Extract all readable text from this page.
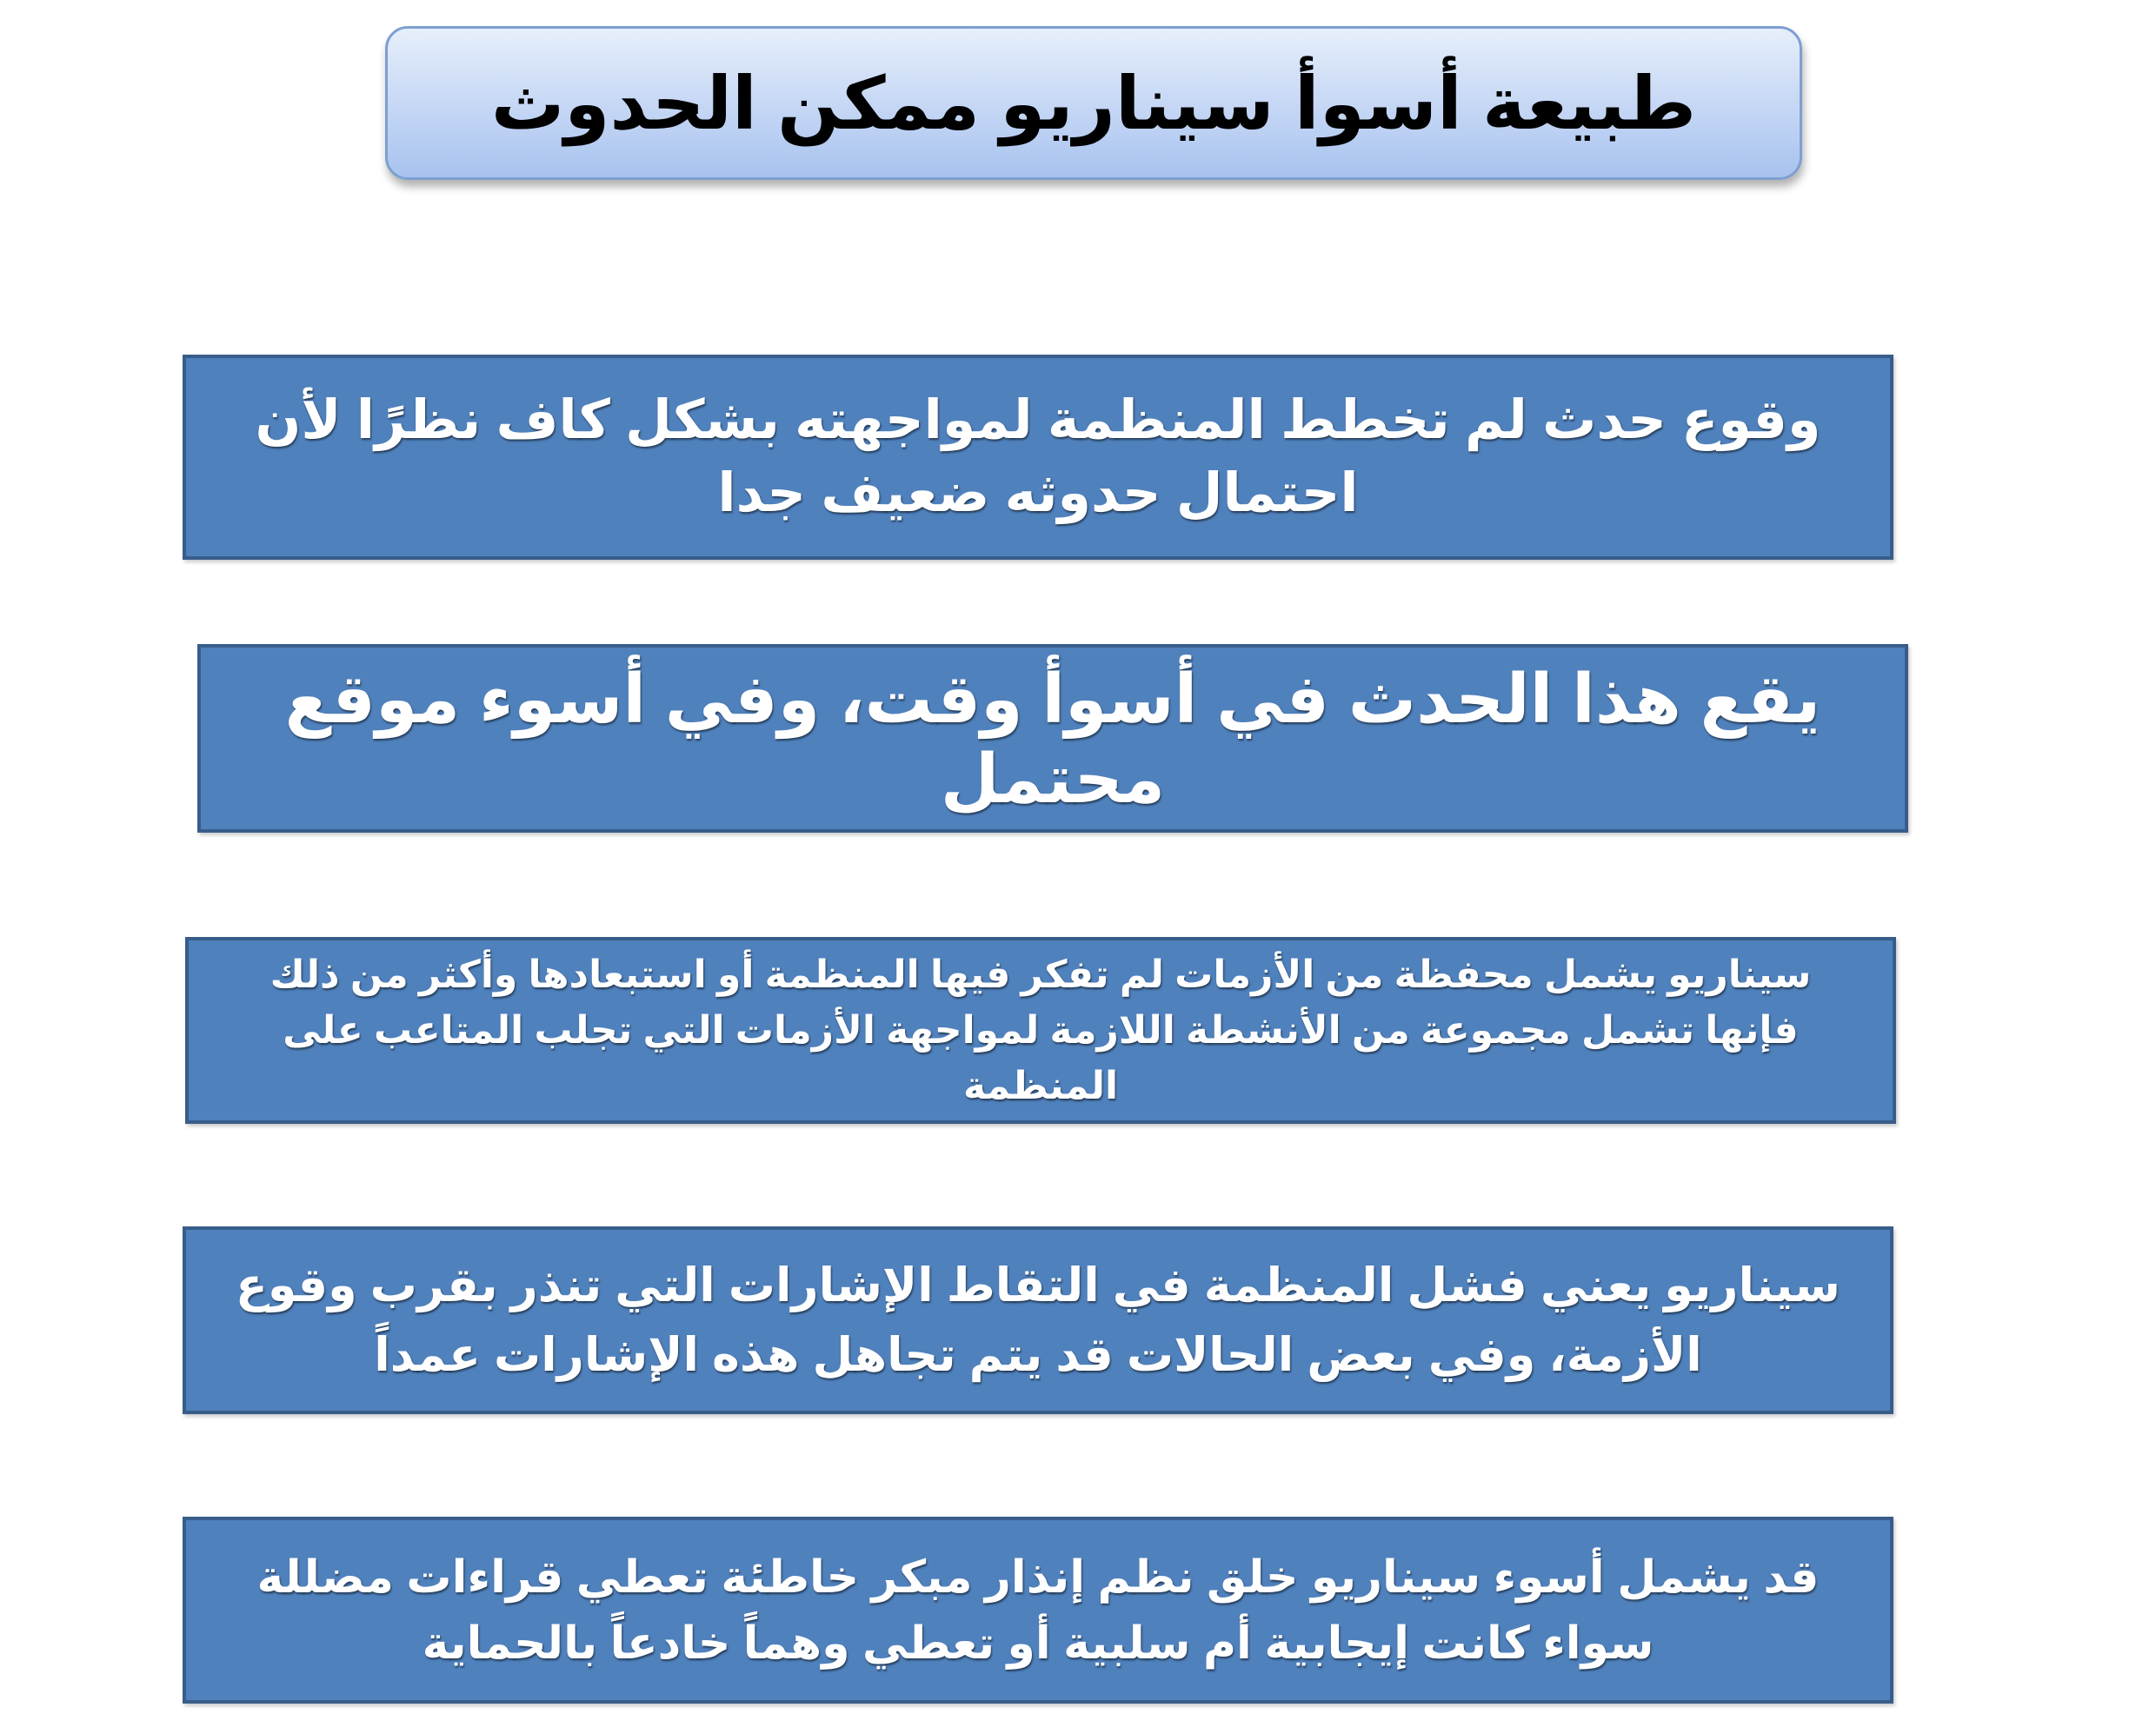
طبيعة أسوأ سيناريو ممكن الحدوث
وقوع حدث لم تخطط المنظمة لمواجهته بشكل كاف نظرًا لأن احتمال حدوثه ضعيف جدا
يقع هذا الحدث في أسوأ وقت، وفي أسوء موقع محتمل
سيناريو يشمل محفظة من الأزمات لم تفكر فيها المنظمة أو استبعادها وأكثر من ذلك فإنها تشمل مجموعة من الأنشطة اللازمة لمواجهة الأزمات التي تجلب المتاعب على المنظمة
سيناريو يعني فشل المنظمة في التقاط الإشارات التي تنذر بقرب وقوع الأزمة، وفي بعض الحالات قد يتم تجاهل هذه الإشارات عمداً
قد يشمل أسوء سيناريو خلق نظم إنذار مبكر خاطئة تعطي قراءات مضللة سواء كانت إيجابية أم سلبية أو تعطي وهماً خادعاً بالحماية
